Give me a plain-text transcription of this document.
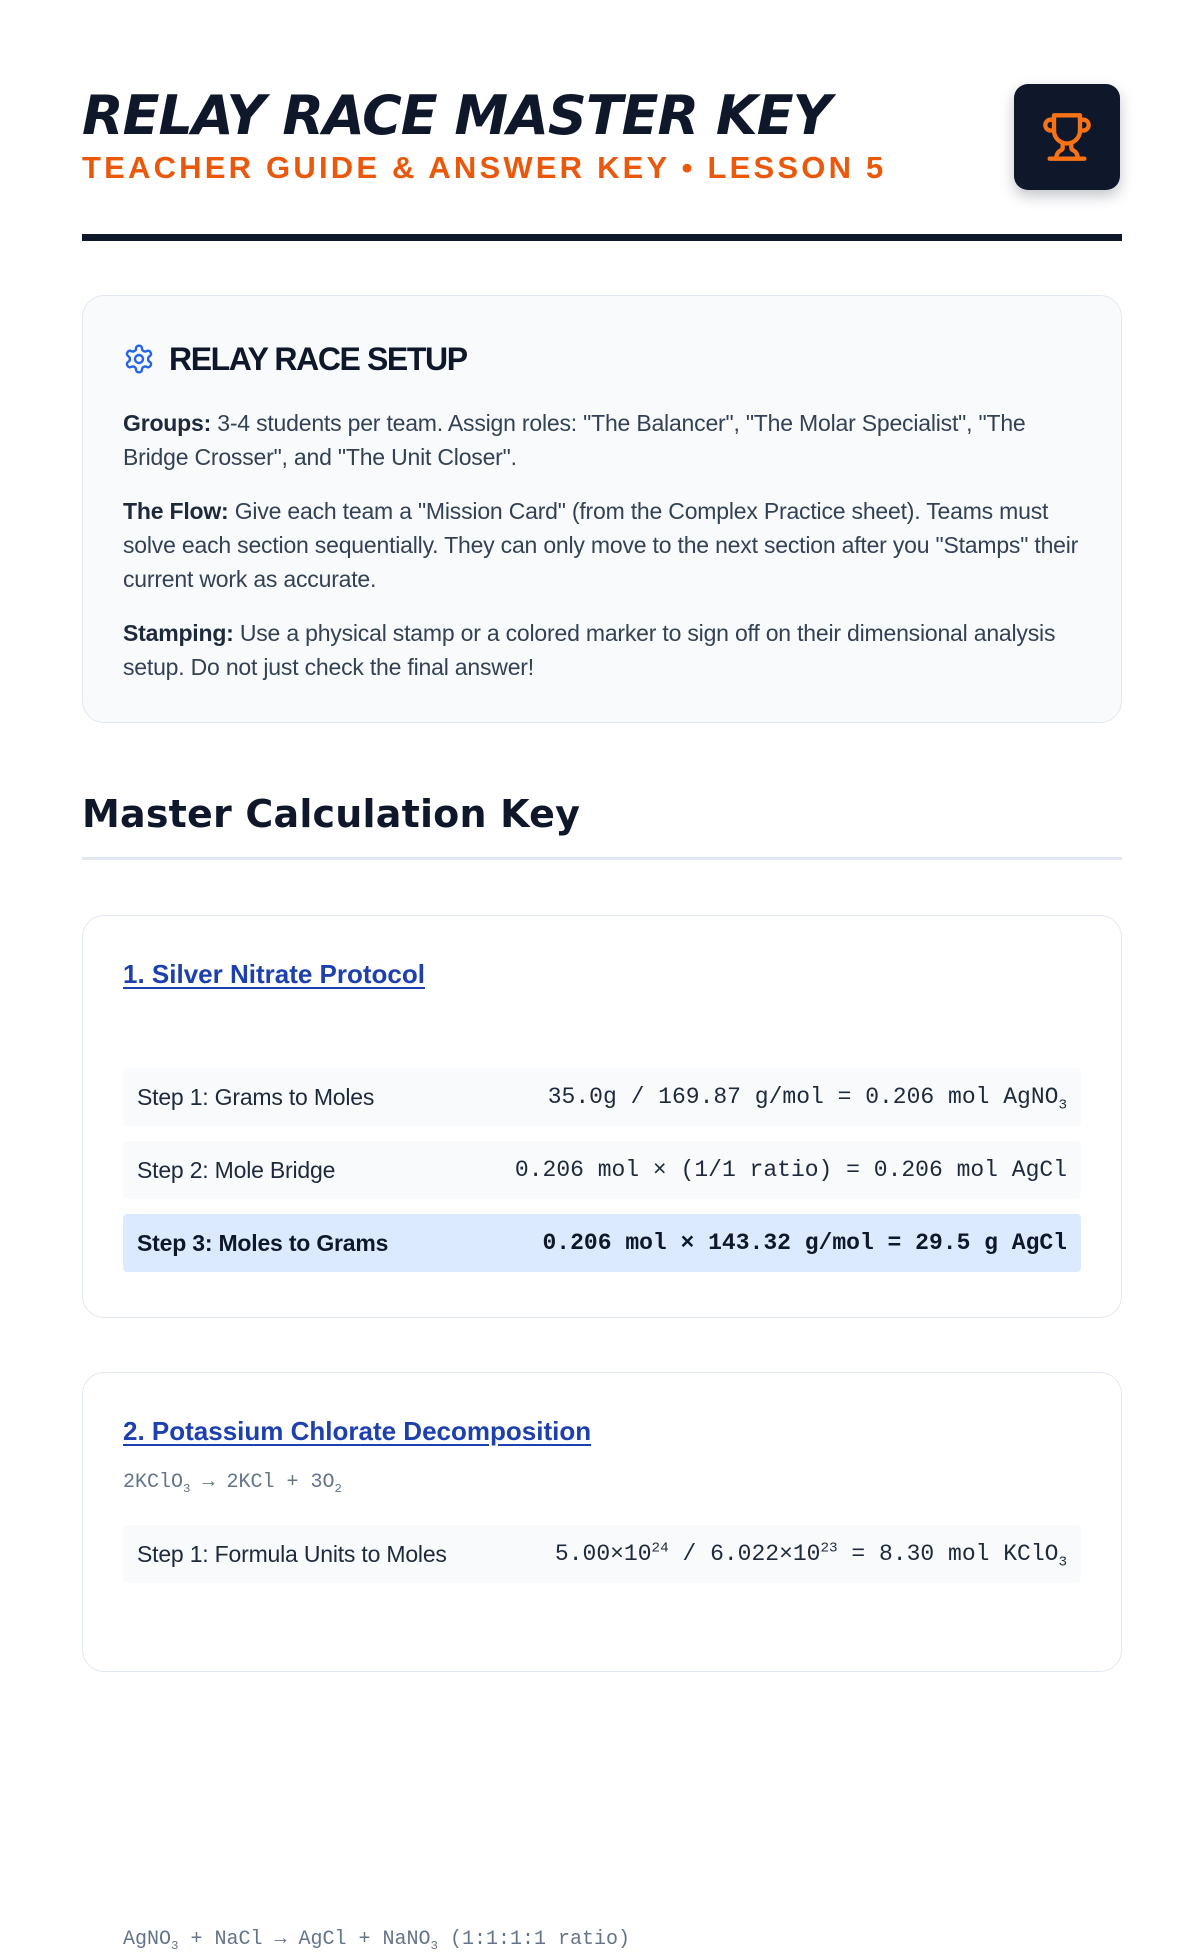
RELAY RACE MASTER KEY
TEACHER GUIDE & ANSWER KEY • LESSON 5
RELAY RACE SETUP

Groups: 3-4 students per team. Assign roles: "The Balancer", "The Molar Specialist", "The Bridge Crosser", and "The Unit Closer".

The Flow: Give each team a "Mission Card" (from the Complex Practice sheet). Teams must solve each section sequentially. They can only move to the next section after you "Stamps" their current work as accurate.

Stamping: Use a physical stamp or a colored marker to sign off on their dimensional analysis setup. Do not just check the final answer!

Master Calculation Key
1. Silver Nitrate Protocol
AgNO$_3$ + NaCl → AgCl + NaNO$_3$ (1:1:1:1 ratio)
Step 1: Grams to Moles	35.0g / 169.87 g/mol = 0.206 mol AgNO$_3$
Step 2: Mole Bridge	0.206 mol × (1/1 ratio) = 0.206 mol AgCl
Step 3: Moles to Grams	0.206 mol × 143.32 g/mol = 29.5 g AgCl
2. Potassium Chlorate Decomposition
2KClO$_3$ → $2KCl + 3O_2$
Step 1: Formula Units to Moles	$5.00\times 10^{24} / 6.022\times 10^{23} = 8.30$ mol KClO$_3$
